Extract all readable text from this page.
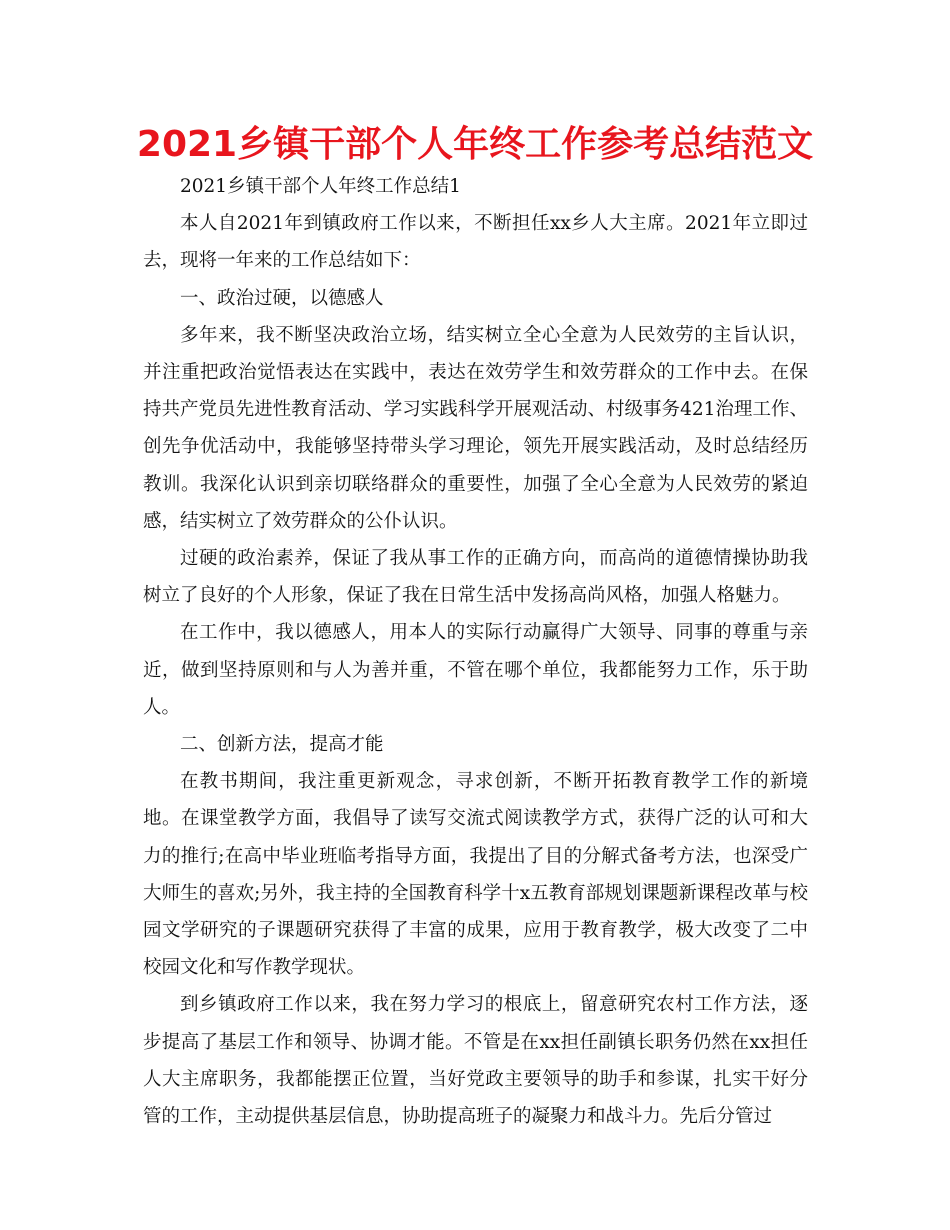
2021乡镇干部个人年终工作参考总结范文

2021乡镇干部个人年终工作总结1

本人自2021年到镇政府工作以来，不断担任xx乡人大主席。2021年立即过去，现将一年来的工作总结如下：

一、政治过硬，以德感人

多年来，我不断坚决政治立场，结实树立全心全意为人民效劳的主旨认识，并注重把政治觉悟表达在实践中，表达在效劳学生和效劳群众的工作中去。在保持共产党员先进性教育活动、学习实践科学开展观活动、村级事务421治理工作、创先争优活动中，我能够坚持带头学习理论，领先开展实践活动，及时总结经历教训。我深化认识到亲切联络群众的重要性，加强了全心全意为人民效劳的紧迫感，结实树立了效劳群众的公仆认识。

过硬的政治素养，保证了我从事工作的正确方向，而高尚的道德情操协助我树立了良好的个人形象，保证了我在日常生活中发扬高尚风格，加强人格魅力。

在工作中，我以德感人，用本人的实际行动赢得广大领导、同事的尊重与亲近，做到坚持原则和与人为善并重，不管在哪个单位，我都能努力工作，乐于助人。

二、创新方法，提高才能

在教书期间，我注重更新观念，寻求创新，不断开拓教育教学工作的新境地。在课堂教学方面，我倡导了读写交流式阅读教学方式，获得广泛的认可和大力的推行;在高中毕业班临考指导方面，我提出了目的分解式备考方法，也深受广大师生的喜欢;另外，我主持的全国教育科学十x五教育部规划课题新课程改革与校园文学研究的子课题研究获得了丰富的成果，应用于教育教学，极大改变了二中校园文化和写作教学现状。

到乡镇政府工作以来，我在努力学习的根底上，留意研究农村工作方法，逐步提高了基层工作和领导、协调才能。不管是在xx担任副镇长职务仍然在xx担任人大主席职务，我都能摆正位置，当好党政主要领导的助手和参谋，扎实干好分管的工作，主动提供基层信息，协助提高班子的凝聚力和战斗力。先后分管过
